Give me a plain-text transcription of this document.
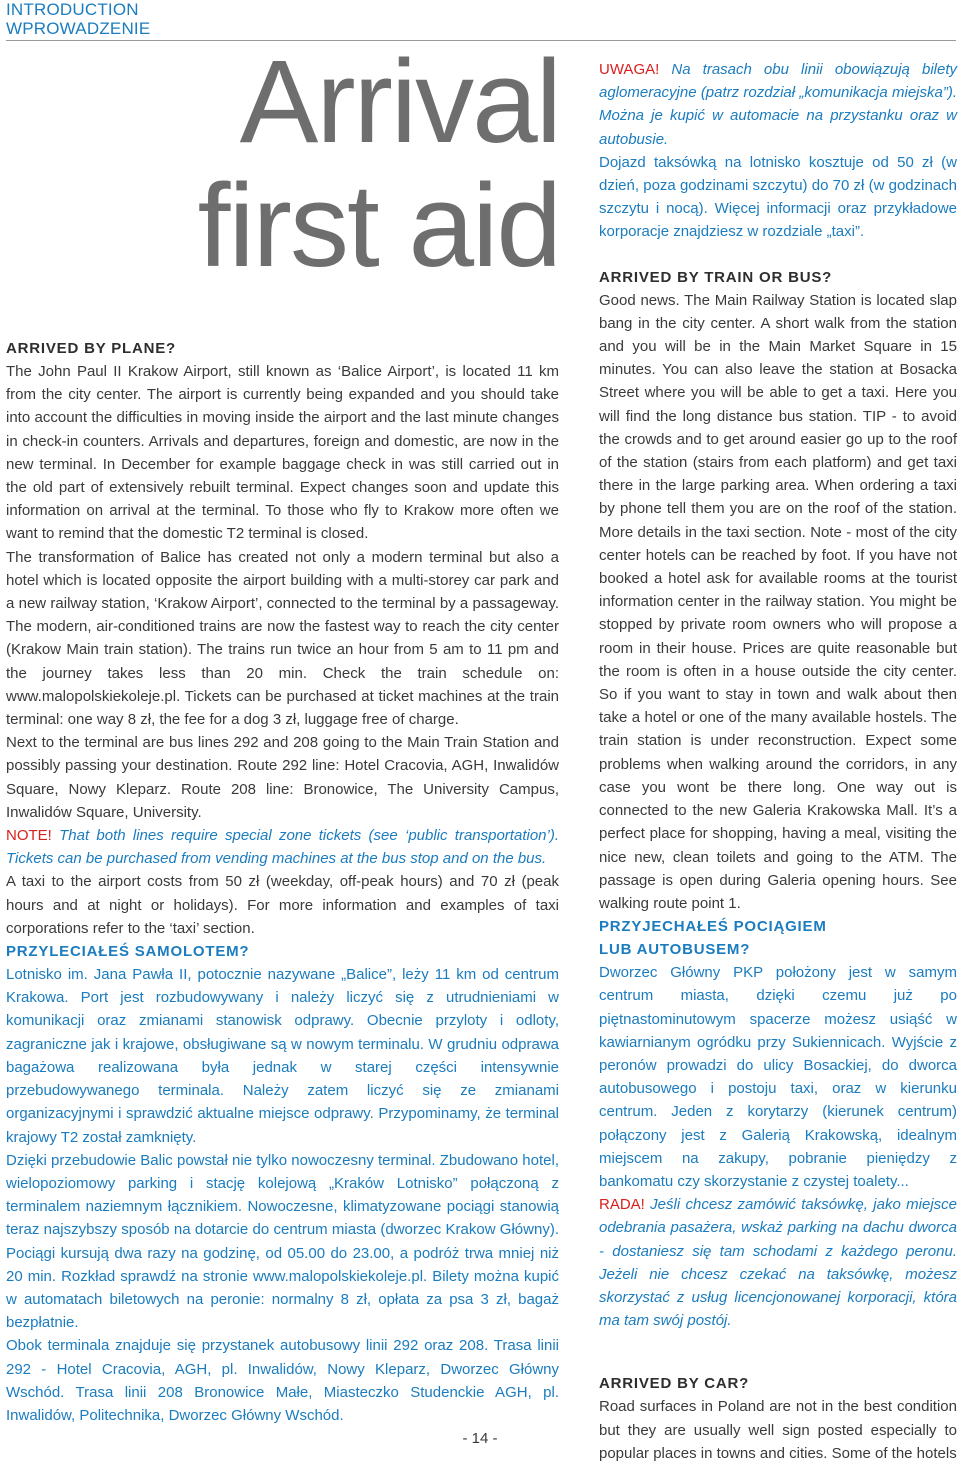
INTRODUCTION
WPROWADZENIE
Arrival
first aid
ARRIVED BY PLANE?

The John Paul II Krakow Airport, still known as ‘Balice Airport’, is located 11 km from the city center. The airport is currently being expanded and you should take into account the difficulties in moving inside the airport and the last minute changes in check-in counters. Arrivals and departures, foreign and domestic, are now in the new terminal. In December for example baggage check in was still carried out in the old part of extensively rebuilt terminal. Expect changes soon and update this information on arrival at the terminal. To those who fly to Krakow more often we want to remind that the domestic T2 terminal is closed.

The transformation of Balice has created not only a modern terminal but also a hotel which is located opposite the airport building with a multi-storey car park and a new railway station, ‘Krakow Airport’, connected to the terminal by a passageway. The modern, air-conditioned trains are now the fastest way to reach the city center (Krakow Main train station). The trains run twice an hour from 5 am to 11 pm and the journey takes less than 20 min. Check the train schedule on: www.malopolskiekoleje.pl. Tickets can be purchased at ticket machines at the train terminal: one way 8 zł, the fee for a dog 3 zł, luggage free of charge.

Next to the terminal are bus lines 292 and 208 going to the Main Train Station and possibly passing your destination. Route 292 line: Hotel Cracovia, AGH, Inwalidów Square, Nowy Kleparz. Route 208 line: Bronowice, The University Campus, Inwalidów Square, University.

NOTE! That both lines require special zone tickets (see ‘public transportation’). Tickets can be purchased from vending machines at the bus stop and on the bus.

A taxi to the airport costs from 50 zł (weekday, off-peak hours) and 70 zł (peak hours and at night or holidays). For more information and examples of taxi corporations refer to the ‘taxi’ section.

PRZYLECIAŁEŚ SAMOLOTEM?

Lotnisko im. Jana Pawła II, potocznie nazywane „Balice”, leży 11 km od centrum Krakowa. Port jest rozbudowywany i należy liczyć się z utrudnieniami w komunikacji oraz zmianami stanowisk odprawy. Obecnie przyloty i odloty, zagraniczne jak i krajowe, obsługiwane są w nowym terminalu. W grudniu odprawa bagażowa realizowana była jednak w starej części intensywnie przebudowywanego terminala. Należy zatem liczyć się ze zmianami organizacyjnymi i sprawdzić aktualne miejsce odprawy. Przypominamy, że terminal krajowy T2 został zamknięty.

Dzięki przebudowie Balic powstał nie tylko nowoczesny terminal. Zbudowano hotel, wielopoziomowy parking i stację kolejową „Kraków Lotnisko” połączoną z terminalem naziemnym łącznikiem. Nowoczesne, klimatyzowane pociągi stanowią teraz najszybszy sposób na dotarcie do centrum miasta (dworzec Krakow Główny). Pociągi kursują dwa razy na godzinę, od 05.00 do 23.00, a podróż trwa mniej niż 20 min. Rozkład sprawdź na stronie www.malopolskiekoleje.pl. Bilety można kupić w automatach biletowych na peronie: normalny 8 zł, opłata za psa 3 zł, bagaż bezpłatnie.

Obok terminala znajduje się przystanek autobusowy linii 292 oraz 208. Trasa linii 292 - Hotel Cracovia, AGH, pl. Inwalidów, Nowy Kleparz, Dworzec Główny Wschód. Trasa linii 208 Bronowice Małe, Miasteczko Studenckie AGH, pl. Inwalidów, Politechnika, Dworzec Główny Wschód.

UWAGA! Na trasach obu linii obowiązują bilety aglomeracyjne (patrz rozdział „komunikacja miejska”). Można je kupić w automacie na przystanku oraz w autobusie.

Dojazd taksówką na lotnisko kosztuje od 50 zł (w dzień, poza godzinami szczytu) do 70 zł (w godzinach szczytu i nocą). Więcej informacji oraz przykładowe korporacje znajdziesz w rozdziale „taxi”.

ARRIVED BY TRAIN OR BUS?

Good news. The Main Railway Station is located slap bang in the city center. A short walk from the station and you will be in the Main Market Square in 15 minutes. You can also leave the station at Bosacka Street where you will be able to get a taxi. Here you will find the long distance bus station. TIP - to avoid the crowds and to get around easier go up to the roof of the station (stairs from each platform) and get taxi there in the large parking area. When ordering a taxi by phone tell them you are on the roof of the station. More details in the taxi section. Note - most of the city center hotels can be reached by foot. If you have not booked a hotel ask for available rooms at the tourist information center in the railway station. You might be stopped by private room owners who will propose a room in their house. Prices are quite reasonable but the room is often in a house outside the city center. So if you want to stay in town and walk about then take a hotel or one of the many available hostels. The train station is under reconstruction. Expect some problems when walking around the corridors, in any case you wont be there long. One way out is connected to the new Galeria Krakowska Mall. It’s a perfect place for shopping, having a meal, visiting the nice new, clean toilets and going to the ATM. The passage is open during Galeria opening hours. See walking route point 1.

PRZYJECHAŁEŚ POCIĄGIEM
LUB AUTOBUSEM?

Dworzec Główny PKP położony jest w samym centrum miasta, dzięki czemu już po piętnastominutowym spacerze możesz usiąść w kawiarnianym ogródku przy Sukiennicach. Wyjście z peronów prowadzi do ulicy Bosackiej, do dworca autobusowego i postoju taxi, oraz w kierunku centrum. Jeden z korytarzy (kierunek centrum) połączony jest z Galerią Krakowską, idealnym miejscem na zakupy, pobranie pieniędzy z bankomatu czy skorzystanie z czystej toalety...

RADA! Jeśli chcesz zamówić taksówkę, jako miejsce odebrania pasażera, wskaż parking na dachu dworca - dostaniesz się tam schodami z każdego peronu. Jeżeli nie chcesz czekać na taksówkę, możesz skorzystać z usług licencjonowanej korporacji, która ma tam swój postój.

ARRIVED BY CAR?

Road surfaces in Poland are not in the best condition but they are usually well sign posted especially to popular places in towns and cities. Some of the hotels

- 14 -
